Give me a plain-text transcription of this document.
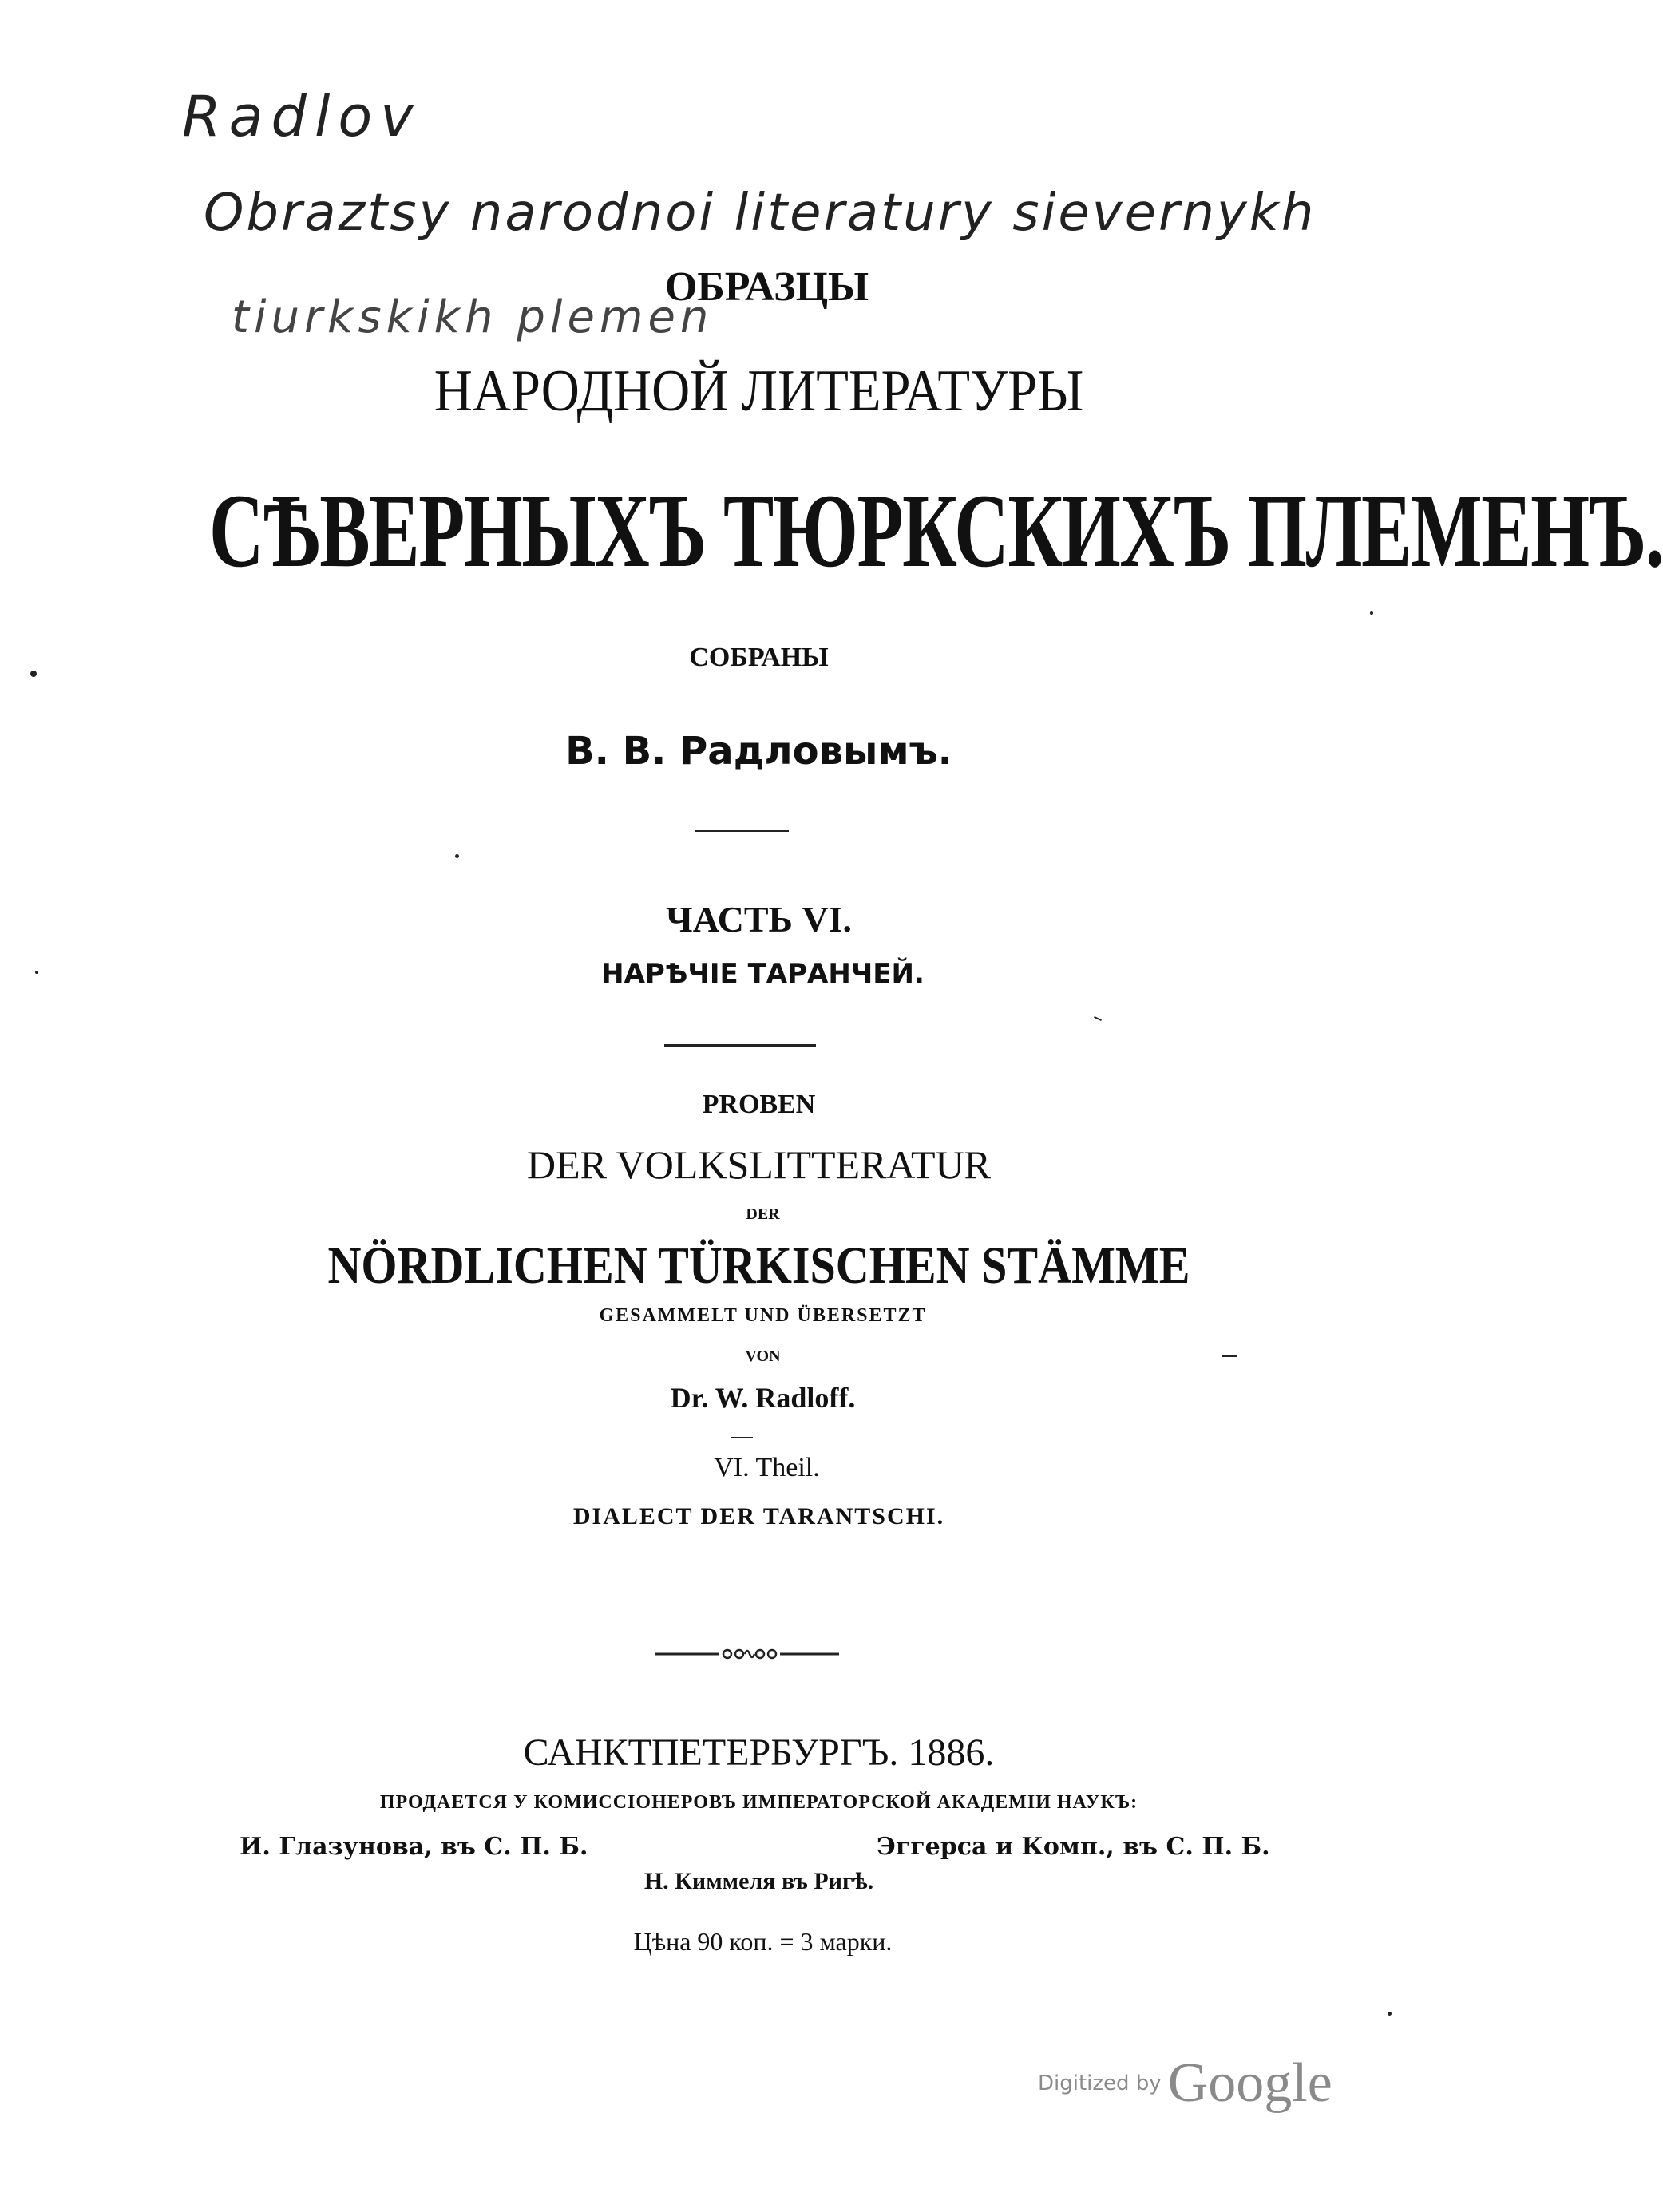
Radlov
Obraztsy narodnoi literatury sievernykh
tiurkskikh plemen
ОБРАЗЦЫ
НАРОДНОЙ ЛИТЕРАТУРЫ
СѢВЕРНЫХЪ ТЮРКСКИХЪ ПЛЕМЕНЪ.
СОБРАНЫ
В. В. Радловымъ.
ЧАСТЬ VI.
НАРѢЧІЕ ТАРАНЧЕЙ.
PROBEN
DER VOLKSLITTERATUR
DER
NÖRDLICHEN TÜRKISCHEN STÄMME
GESAMMELT UND ÜBERSETZT
VON
Dr. W. Radloff.
VI. Theil.
DIALECT DER TARANTSCHI.
САНКТПЕТЕРБУРГЪ. 1886.
ПРОДАЕТСЯ У КОМИССІОНЕРОВЪ ИМПЕРАТОРСКОЙ АКАДЕМІИ НАУКЪ:
И. Глазунова, въ С. П. Б.	Эггерса и Комп., въ С. П. Б.
Н. Киммеля въ Ригѣ.
Цѣна 90 коп. = 3 марки.
Digitized by Google
